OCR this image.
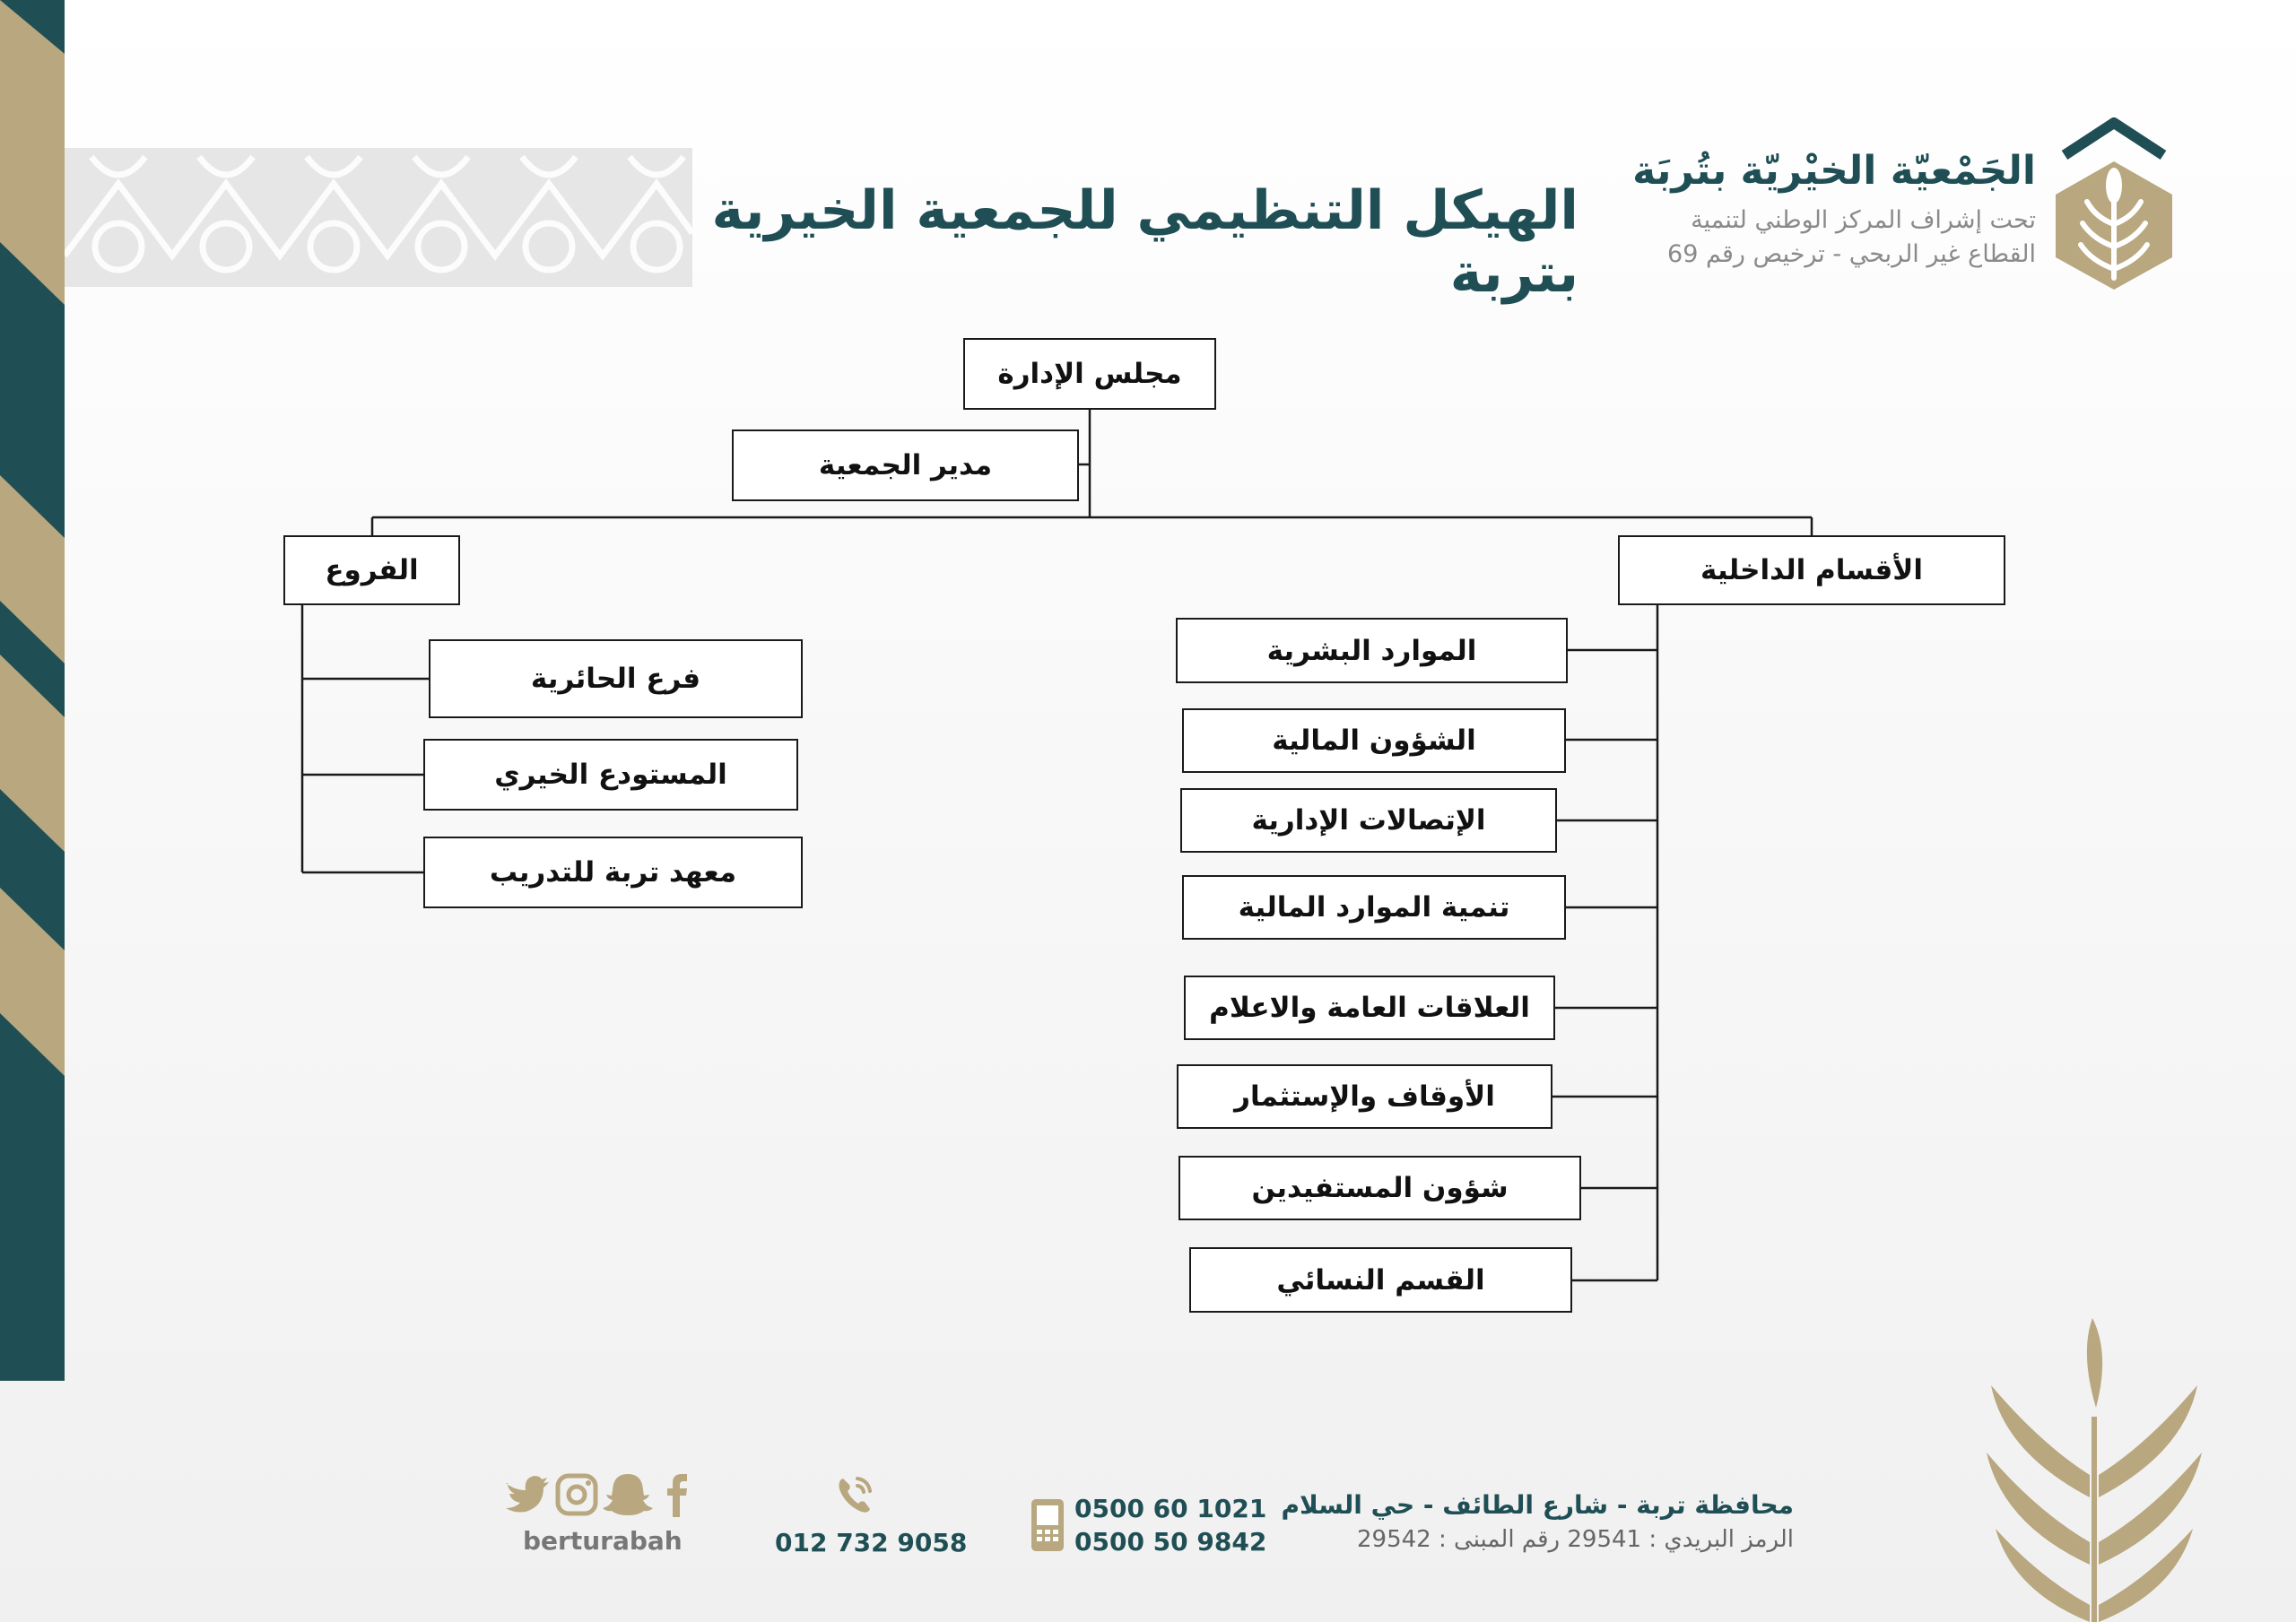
الهيكل التنظيمي للجمعية الخيرية بتربة
الجَمْعيّة الخيْريّة بتُربَة
تحت إشراف المركز الوطني لتنمية
القطاع غير الربحي - ترخيص رقم 69
مجلس الإدارة
مدير الجمعية
الفروع
فرع الحائرية
المستودع الخيري
معهد تربة للتدريب
الأقسام الداخلية
الموارد البشرية
الشؤون المالية
الإتصالات الإدارية
تنمية الموارد المالية
العلاقات العامة والاعلام
الأوقاف والإستثمار
شؤون المستفيدين
القسم النسائي
محافظة تربة - شارع الطائف - حي السلام
الرمز البريدي : 29541 رقم المبنى : 29542
0500 60 1021
0500 50 9842
012 732 9058
berturabah
